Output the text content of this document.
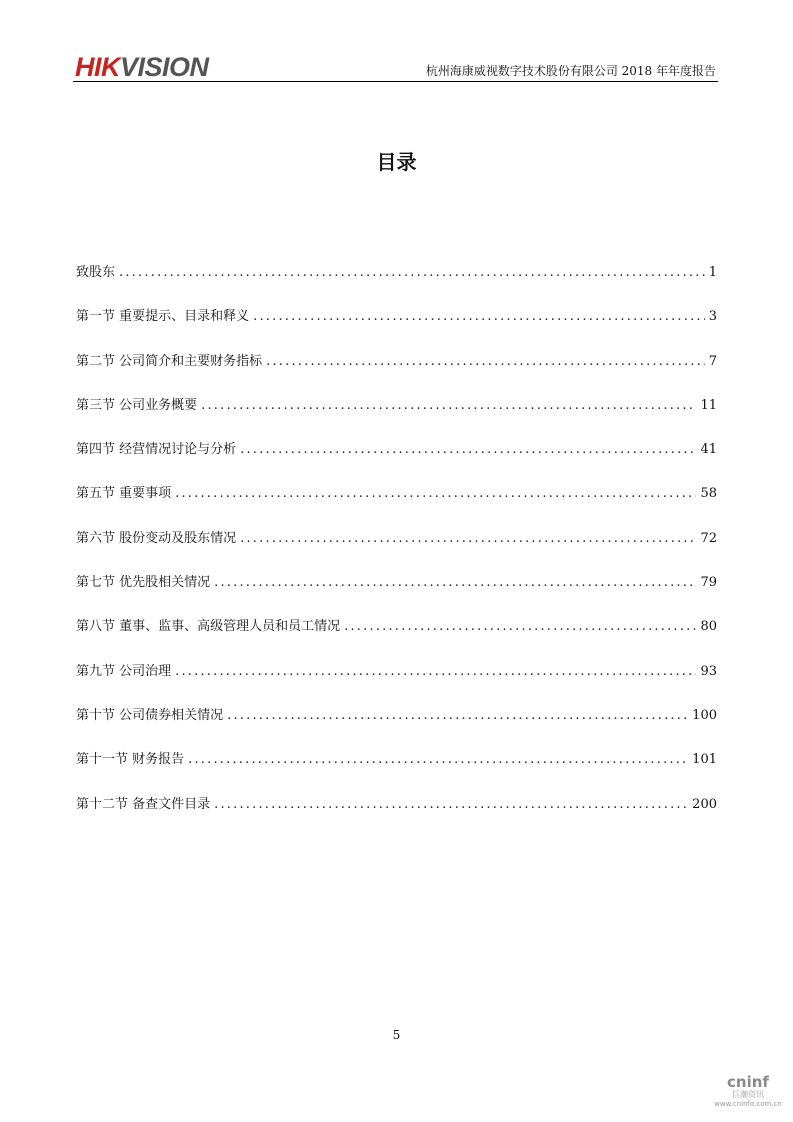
HIKVISION	杭州海康威视数字技术股份有限公司 2018 年年度报告
目录
致股东 .....	1
第一节 重要提示、目录和释义 .....	3
第二节 公司简介和主要财务指标 .....	7
第三节 公司业务概要 .....	11
第四节 经营情况讨论与分析 .....	41
第五节 重要事项 .....	58
第六节 股份变动及股东情况 .....	72
第七节 优先股相关情况 .....	79
第八节 董事、监事、高级管理人员和员工情况 .....	80
第九节 公司治理 .....	93
第十节 公司债券相关情况 .....	100
第十一节 财务报告 .....	101
第十二节 备查文件目录 .....	200
5
cninf
巨潮资讯
www.cninfo.com.cn
